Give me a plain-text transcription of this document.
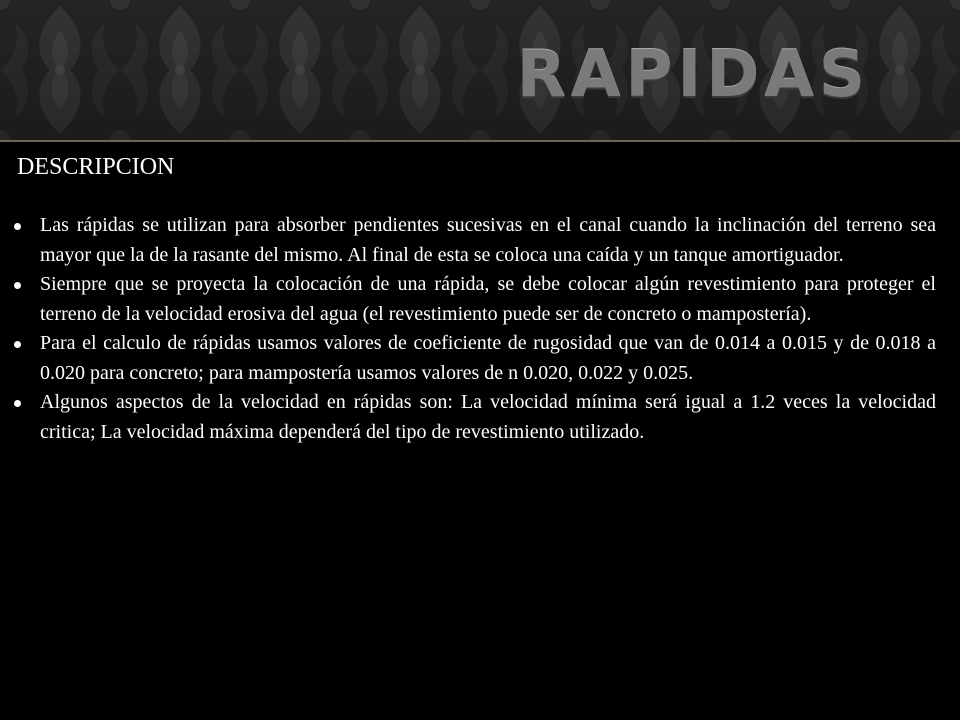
RAPIDAS
DESCRIPCION
Las rápidas se utilizan para absorber pendientes sucesivas en el canal cuando la inclinación del terreno sea mayor que la de la rasante del mismo. Al final de esta se coloca una caída y un tanque amortiguador.
Siempre que se proyecta la colocación de una rápida, se debe colocar algún revestimiento para proteger el terreno de la velocidad erosiva del agua (el revestimiento puede ser de concreto o mampostería).
Para el calculo de rápidas usamos valores de coeficiente de rugosidad que van de 0.014 a 0.015 y de 0.018 a 0.020 para concreto; para mampostería usamos valores de n 0.020, 0.022 y 0.025.
Algunos aspectos de la velocidad en rápidas son: La velocidad mínima será igual a 1.2 veces la velocidad critica; La velocidad máxima dependerá del tipo de revestimiento utilizado.
